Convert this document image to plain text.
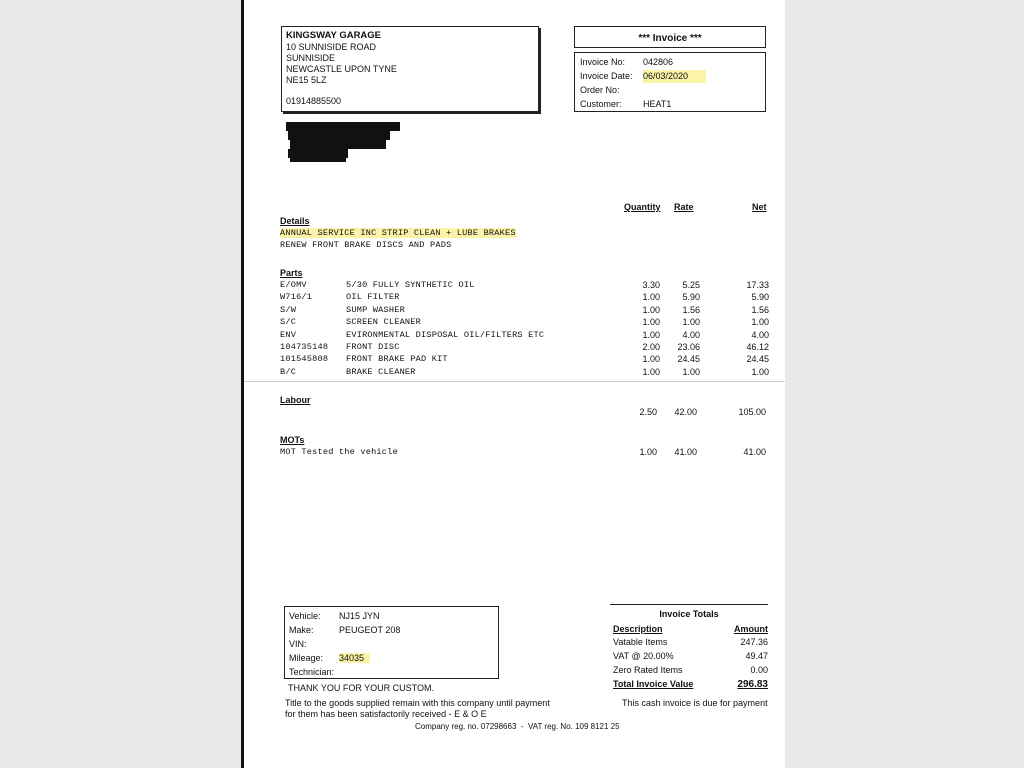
KINGSWAY GARAGE
10 SUNNISIDE ROAD
SUNNISIDE
NEWCASTLE UPON TYNE
NE15 5LZ
01914885500
*** Invoice ***
Invoice No: 042806
Invoice Date: 06/03/2020
Order No:
Customer: HEAT1
Quantity Rate	Net
Details
ANNUAL SERVICE INC STRIP CLEAN + LUBE BRAKES
RENEW FRONT BRAKE DISCS AND PADS
Parts
E/OMV	5/30 FULLY SYNTHETIC OIL	3.30 5.25	17.33
W716/1	OIL FILTER	1.00 5.90	5.90
S/W	SUMP WASHER	1.00 1.56	1.56
S/C	SCREEN CLEANER	1.00 1.00	1.00
ENV	EVIRONMENTAL DISPOSAL OIL/FILTERS ETC	1.00 4.00	4.00
104735148 FRONT DISC	2.00 23.06	46.12
101545808 FRONT BRAKE PAD KIT	1.00 24.45	24.45
B/C	BRAKE CLEANER	1.00 1.00	1.00
Labour
2.50 42.00	105.00
MOTs
MOT Tested the vehicle	1.00 41.00	41.00
Vehicle: NJ15 JYN
Make:	PEUGEOT 208
VIN:
Mileage: 34035
Technician:
Invoice Totals
Description	Amount
Vatable Items	247.36
VAT @ 20.00%	49.47
Zero Rated Items	0.00
Total Invoice Value	296.83
THANK YOU FOR YOUR CUSTOM.
Title to the goods supplied remain with this company until payment
for them has been satisfactorily received - E & O E
This cash invoice is due for payment
Company reg. no. 07298663  -  VAT reg. No. 109 8121 25
